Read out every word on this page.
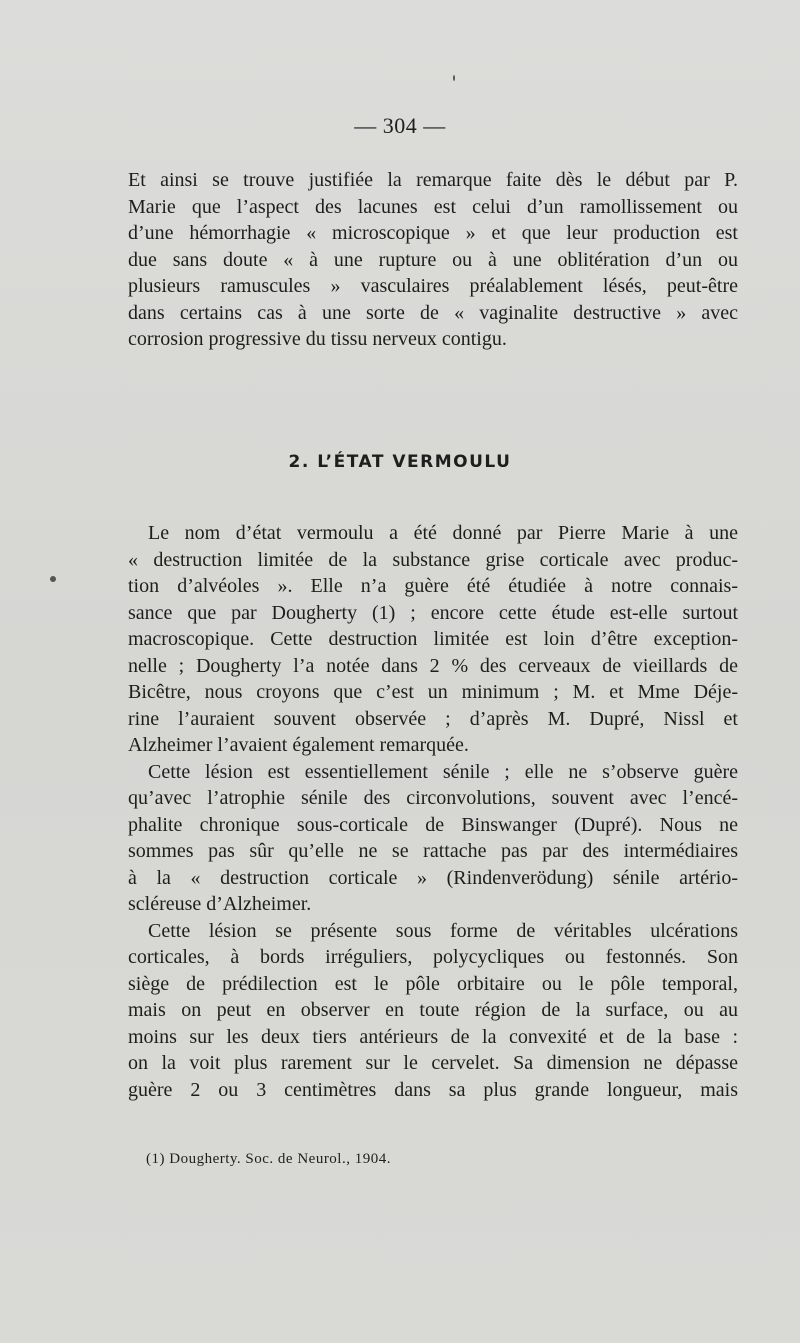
— 304 —
Et ainsi se trouve justifiée la remarque faite dès le début par P.
Marie que l’aspect des lacunes est celui d’un ramollissement ou
d’une hémorrhagie « microscopique » et que leur production est
due sans doute « à une rupture ou à une oblitération d’un ou
plusieurs ramuscules » vasculaires préalablement lésés, peut-être
dans certains cas à une sorte de « vaginalite destructive » avec
corrosion progressive du tissu nerveux contigu.
2. L’ÉTAT VERMOULU
Le nom d’état vermoulu a été donné par Pierre Marie à une
« destruction limitée de la substance grise corticale avec produc-
tion d’alvéoles ». Elle n’a guère été étudiée à notre connais-
sance que par Dougherty (1) ; encore cette étude est-elle surtout
macroscopique. Cette destruction limitée est loin d’être exception-
nelle ; Dougherty l’a notée dans 2 % des cerveaux de vieillards de
Bicêtre, nous croyons que c’est un minimum ; M. et Mme Déje-
rine l’auraient souvent observée ; d’après M. Dupré, Nissl et
Alzheimer l’avaient également remarquée.
Cette lésion est essentiellement sénile ; elle ne s’observe guère
qu’avec l’atrophie sénile des circonvolutions, souvent avec l’encé-
phalite chronique sous-corticale de Binswanger (Dupré). Nous ne
sommes pas sûr qu’elle ne se rattache pas par des intermédiaires
à la « destruction corticale » (Rindenverödung) sénile artério-
scléreuse d’Alzheimer.
Cette lésion se présente sous forme de véritables ulcérations
corticales, à bords irréguliers, polycycliques ou festonnés. Son
siège de prédilection est le pôle orbitaire ou le pôle temporal,
mais on peut en observer en toute région de la surface, ou au
moins sur les deux tiers antérieurs de la convexité et de la base :
on la voit plus rarement sur le cervelet. Sa dimension ne dépasse
guère 2 ou 3 centimètres dans sa plus grande longueur, mais
(1) Dougherty. Soc. de Neurol., 1904.
